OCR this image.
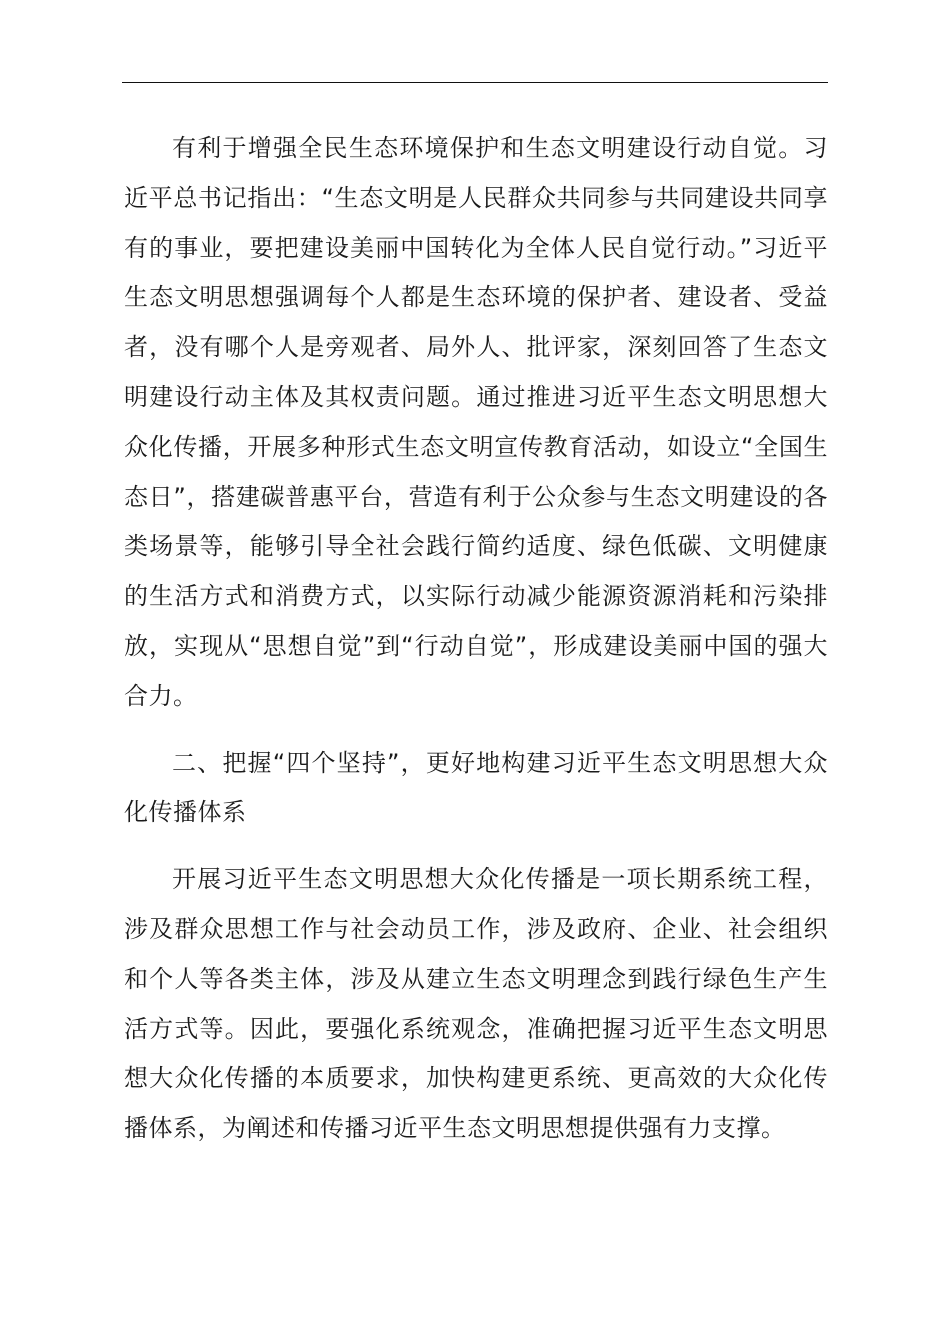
有利于增强全民生态环境保护和生态文明建设行动自觉。习近平总书记指出：“生态文明是人民群众共同参与共同建设共同享有的事业，要把建设美丽中国转化为全体人民自觉行动。”习近平生态文明思想强调每个人都是生态环境的保护者、建设者、受益者，没有哪个人是旁观者、局外人、批评家，深刻回答了生态文明建设行动主体及其权责问题。通过推进习近平生态文明思想大众化传播，开展多种形式生态文明宣传教育活动，如设立“全国生态日”，搭建碳普惠平台，营造有利于公众参与生态文明建设的各类场景等，能够引导全社会践行简约适度、绿色低碳、文明健康的生活方式和消费方式，以实际行动减少能源资源消耗和污染排放，实现从“思想自觉”到“行动自觉”，形成建设美丽中国的强大合力。

二、把握“四个坚持”，更好地构建习近平生态文明思想大众化传播体系

开展习近平生态文明思想大众化传播是一项长期系统工程，涉及群众思想工作与社会动员工作，涉及政府、企业、社会组织和个人等各类主体，涉及从建立生态文明理念到践行绿色生产生活方式等。因此，要强化系统观念，准确把握习近平生态文明思想大众化传播的本质要求，加快构建更系统、更高效的大众化传播体系，为阐述和传播习近平生态文明思想提供强有力支撑。
